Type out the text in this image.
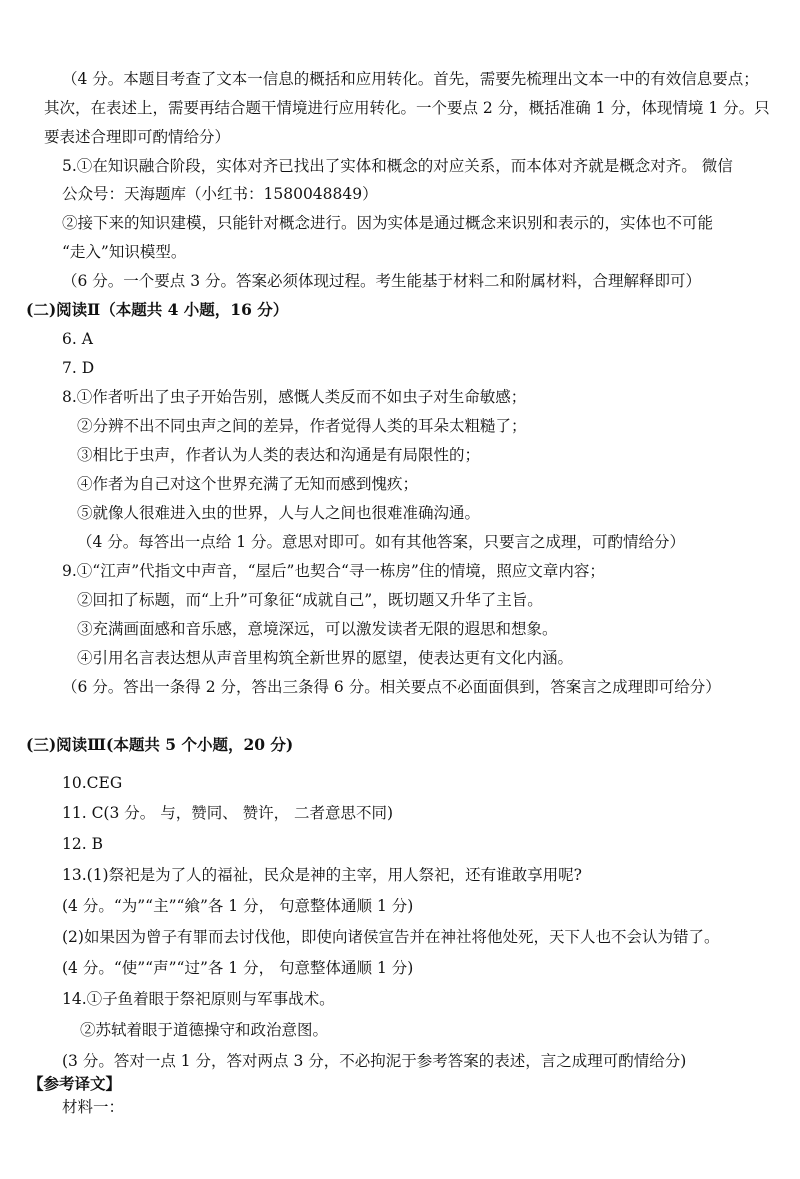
（4 分。本题目考查了文本一信息的概括和应用转化。首先，需要先梳理出文本一中的有效信息要点；
其次，在表述上，需要再结合题干情境进行应用转化。一个要点 2 分，概括准确 1 分，体现情境 1 分。只
要表述合理即可酌情给分）
5.①在知识融合阶段，实体对齐已找出了实体和概念的对应关系，而本体对齐就是概念对齐。 微信
公众号：天海题库（小红书：1580048849）
②接下来的知识建模，只能针对概念进行。因为实体是通过概念来识别和表示的，实体也不可能
“走入”知识模型。
（6 分。一个要点 3 分。答案必须体现过程。考生能基于材料二和附属材料，合理解释即可）
(二)阅读Ⅱ（本题共 4 小题，16 分）
6. A
7. D
8.①作者听出了虫子开始告别，感慨人类反而不如虫子对生命敏感；
②分辨不出不同虫声之间的差异，作者觉得人类的耳朵太粗糙了；
③相比于虫声，作者认为人类的表达和沟通是有局限性的；
④作者为自己对这个世界充满了无知而感到愧疚；
⑤就像人很难进入虫的世界，人与人之间也很难准确沟通。
（4 分。每答出一点给 1 分。意思对即可。如有其他答案，只要言之成理，可酌情给分）
9.①“江声”代指文中声音，“屋后”也契合“寻一栋房”住的情境，照应文章内容；
②回扣了标题，而“上升”可象征“成就自己”，既切题又升华了主旨。
③充满画面感和音乐感，意境深远，可以激发读者无限的遐思和想象。
④引用名言表达想从声音里构筑全新世界的愿望，使表达更有文化内涵。
（6 分。答出一条得 2 分，答出三条得 6 分。相关要点不必面面俱到，答案言之成理即可给分）
(三)阅读Ⅲ(本题共 5 个小题，20 分)
10.CEG
11. C(3 分。 与，赞同、 赞许， 二者意思不同)
12. B
13.(1)祭祀是为了人的福祉，民众是神的主宰，用人祭祀，还有谁敢享用呢?
(4 分。“为”“主”“飨”各 1 分， 句意整体通顺 1 分)
(2)如果因为曾子有罪而去讨伐他，即使向诸侯宣告并在神社将他处死，天下人也不会认为错了。
(4 分。“使”“声”“过”各 1 分， 句意整体通顺 1 分)
14.①子鱼着眼于祭祀原则与军事战术。
②苏轼着眼于道德操守和政治意图。
(3 分。答对一点 1 分，答对两点 3 分，不必拘泥于参考答案的表述，言之成理可酌情给分)
【参考译文】
材料一：
